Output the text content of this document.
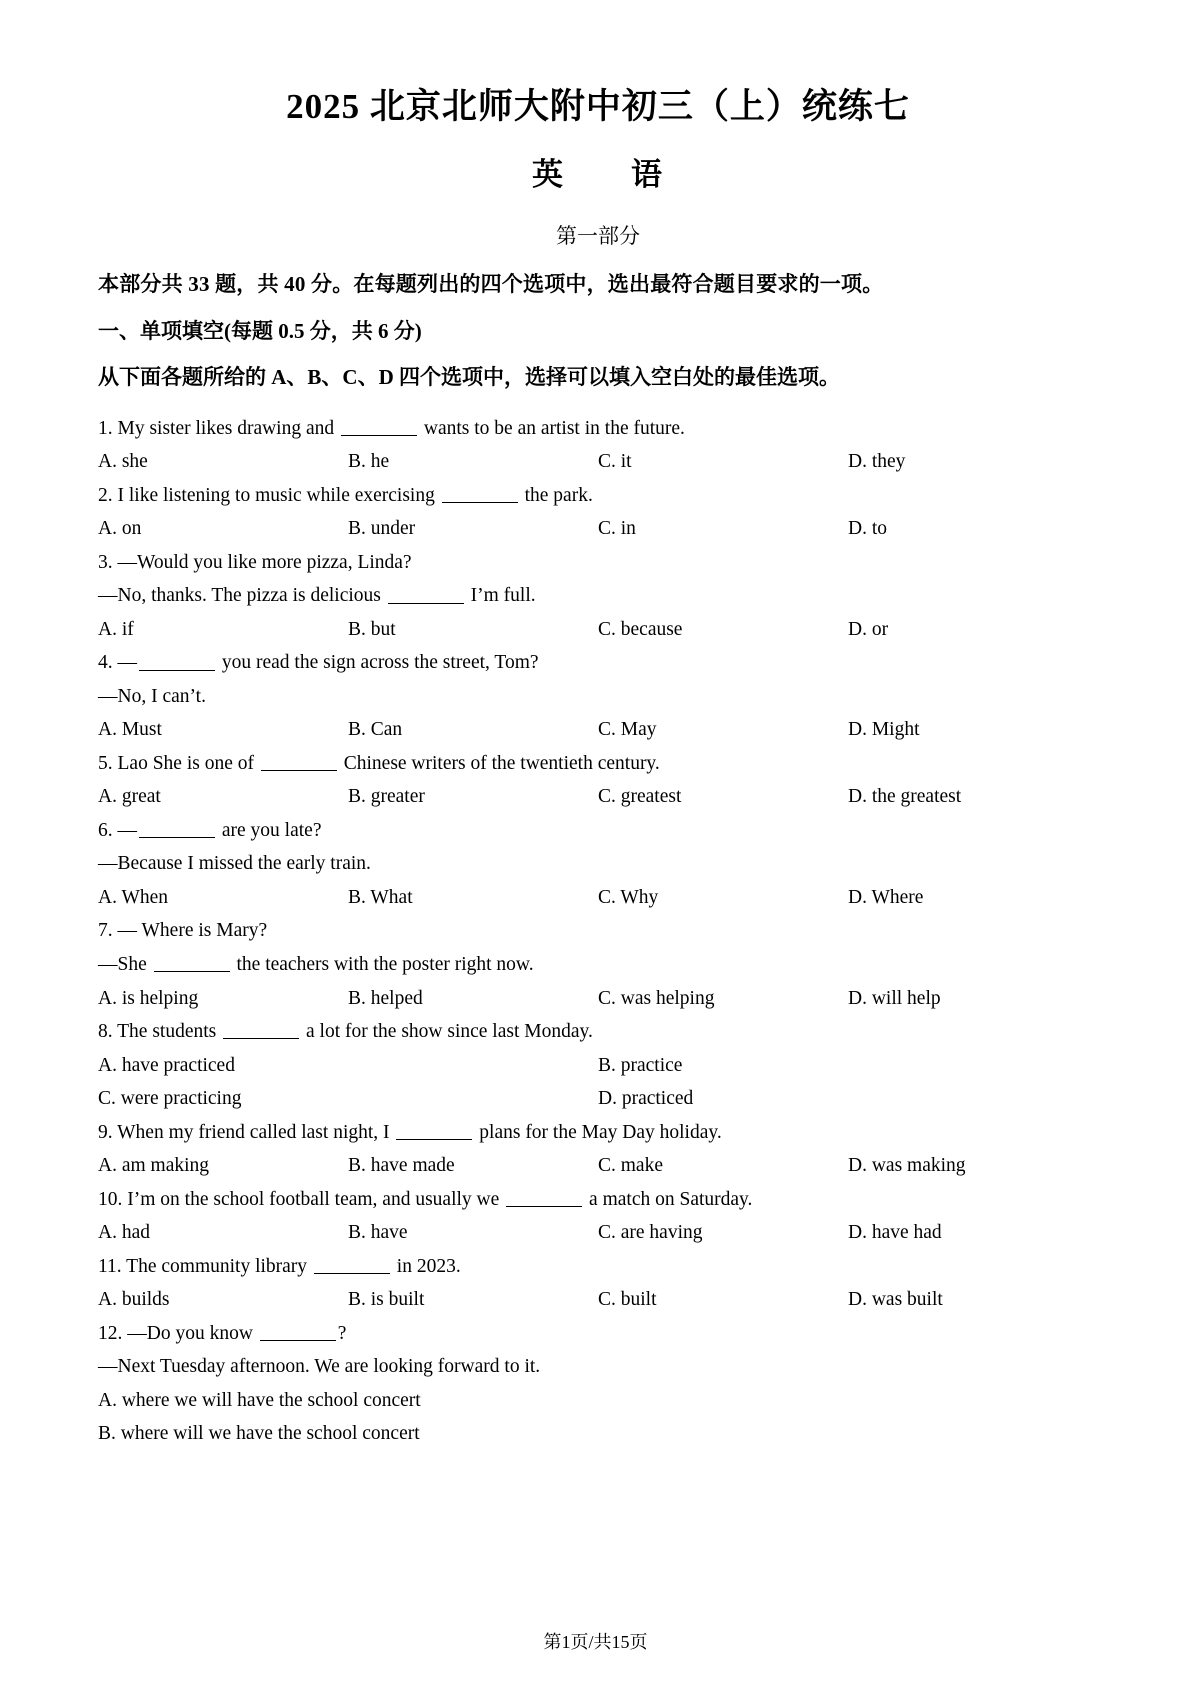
2025 北京北师大附中初三（上）统练七
英　　语
第一部分
本部分共 33 题，共 40 分。在每题列出的四个选项中，选出最符合题目要求的一项。
一、单项填空(每题 0.5 分，共 6 分)
从下面各题所给的 A、B、C、D 四个选项中，选择可以填入空白处的最佳选项。
1. My sister likes drawing and	wants to be an artist in the future.
A. she	B. he	C. it	D. they
2. I like listening to music while exercising	the park.
A. on	B. under	C. in	D. to
3. —Would you like more pizza, Linda?
—No, thanks. The pizza is delicious	I’m full.
A. if	B. but	C. because	D. or
4. —	you read the sign across the street, Tom?
—No, I can’t.
A. Must	B. Can	C. May	D. Might
5. Lao She is one of	Chinese writers of the twentieth century.
A. great	B. greater	C. greatest	D. the greatest
6. —	are you late?
—Because I missed the early train.
A. When	B. What	C. Why	D. Where
7. — Where is Mary?
—She	the teachers with the poster right now.
A. is helping	B. helped	C. was helping	D. will help
8. The students	a lot for the show since last Monday.
A. have practiced	B. practice
C. were practicing	D. practiced
9. When my friend called last night, I	plans for the May Day holiday.
A. am making	B. have made	C. make	D. was making
10. I’m on the school football team, and usually we	a match on Saturday.
A. had	B. have	C. are having	D. have had
11. The community library	in 2023.
A. builds	B. is built	C. built	D. was built
12. —Do you know	?
—Next Tuesday afternoon. We are looking forward to it.
A. where we will have the school concert
B. where will we have the school concert
第1页/共15页
